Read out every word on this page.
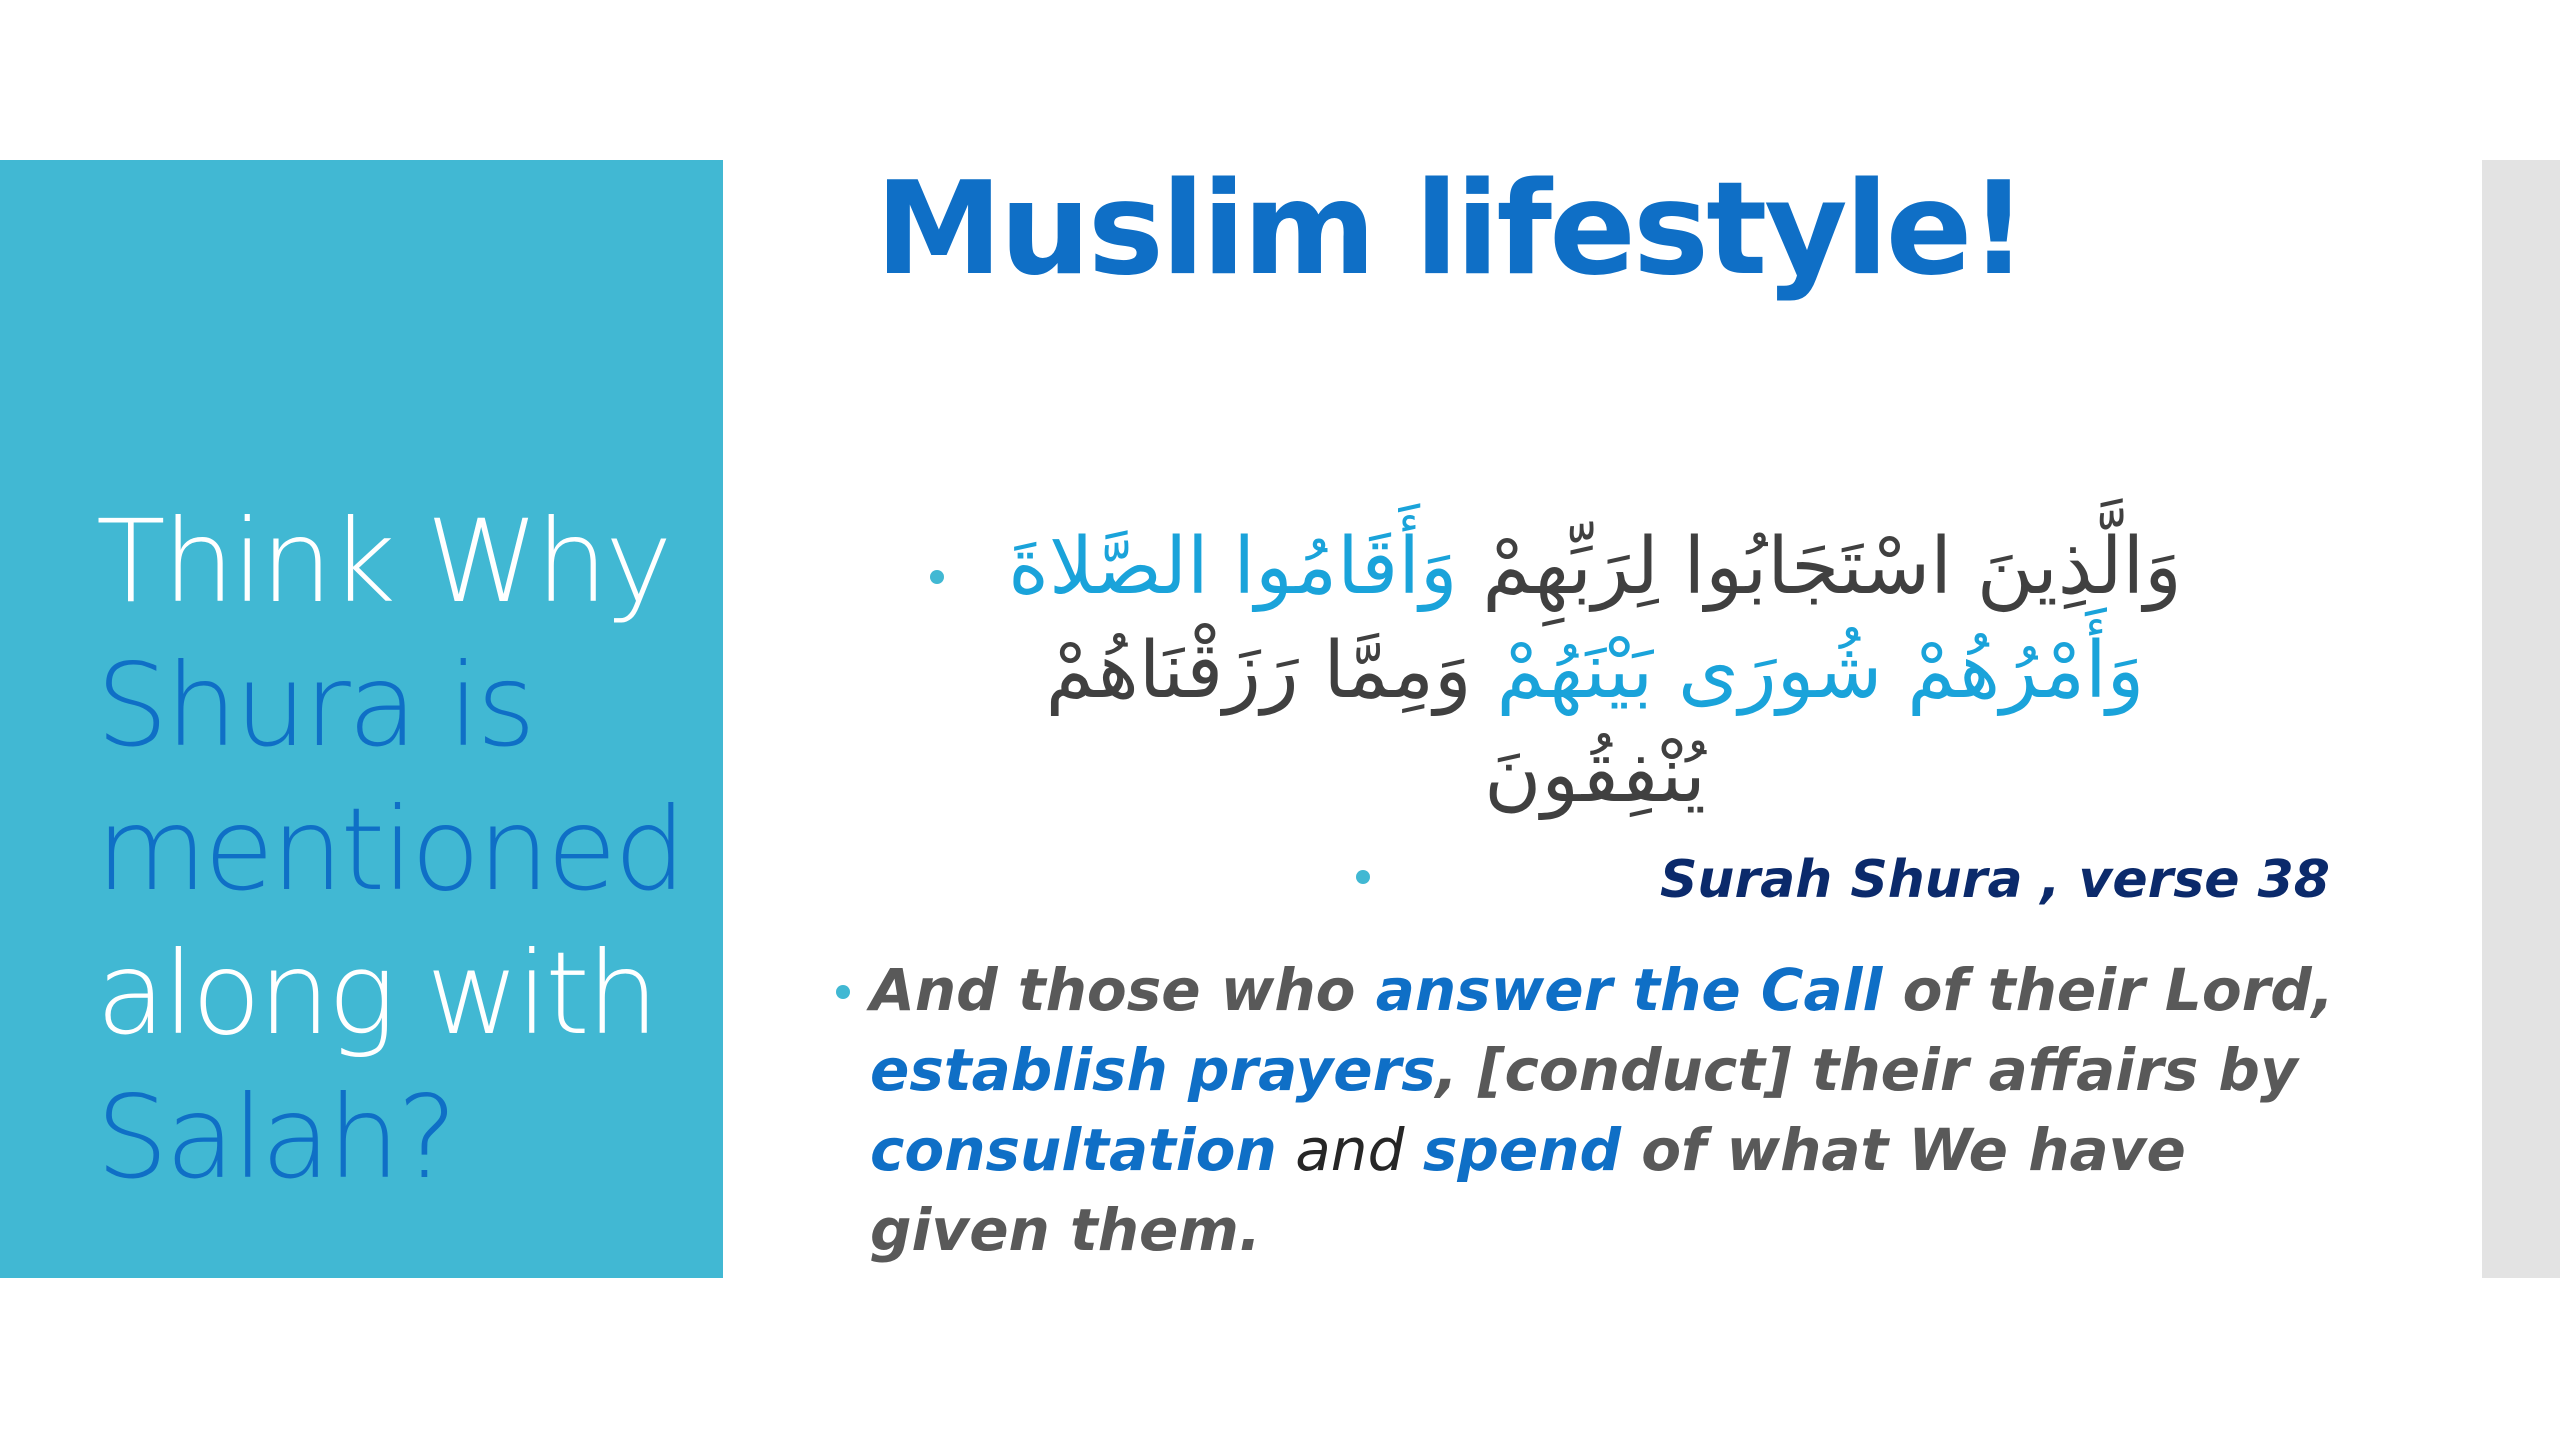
Think Why
Shura is
mentioned
along with
Salah?
Muslim lifestyle!
وَالَّذِينَ اسْتَجَابُوا لِرَبِّهِمْ وَأَقَامُوا الصَّلاةَ وَأَمْرُهُمْ شُورَى بَيْنَهُمْ وَمِمَّا رَزَقْنَاهُمْ يُنْفِقُونَ
Surah Shura , verse 38
And those who answer the Call of their Lord, establish prayers, [conduct] their affairs by consultation and spend of what We have given them.
